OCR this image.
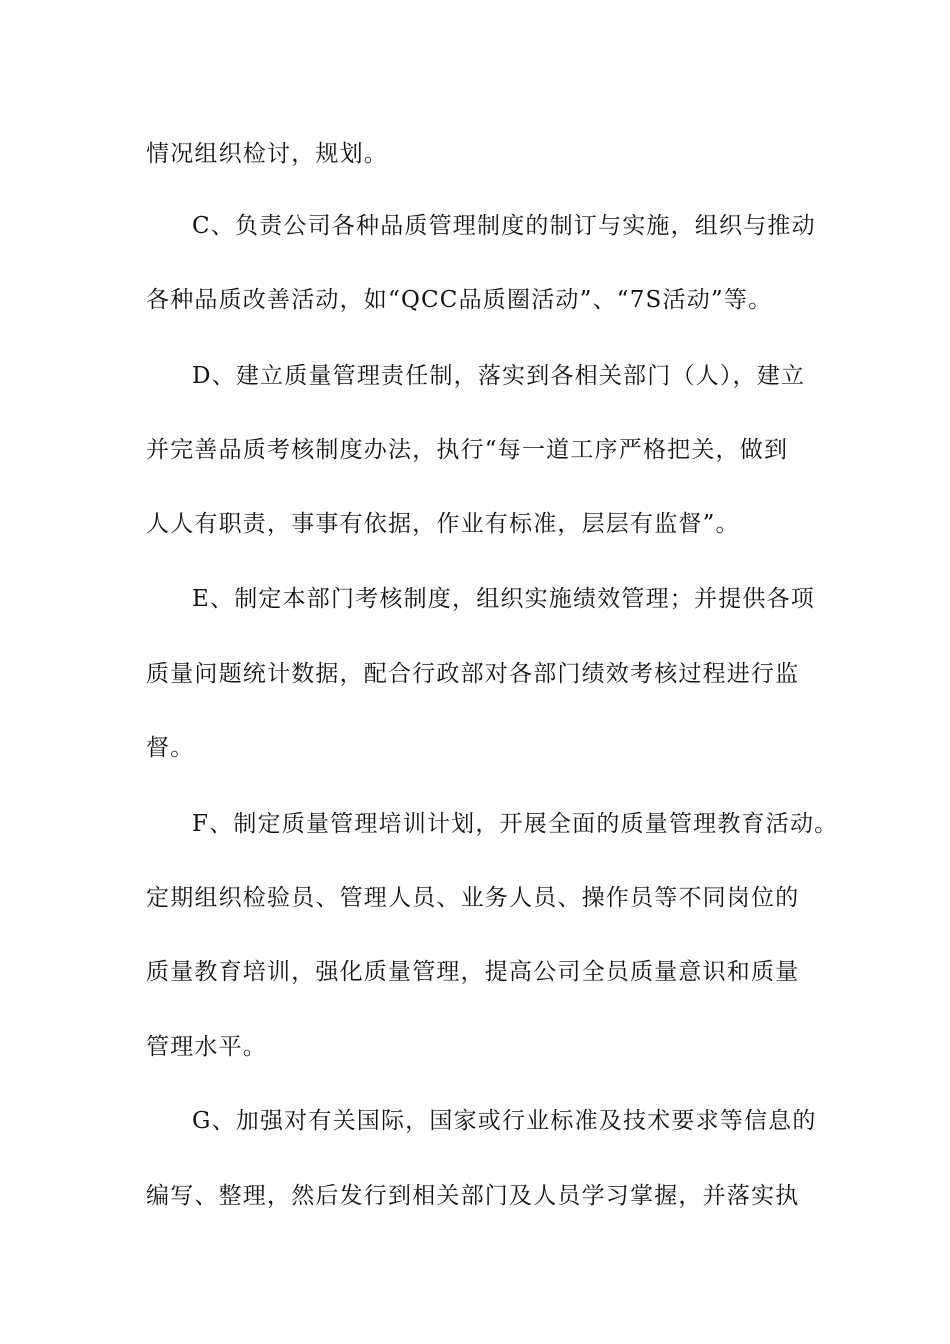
情况组织检讨，规划。
C、负责公司各种品质管理制度的制订与实施，组织与推动
各种品质改善活动，如“QCC品质圈活动”、“7S活动”等。
D、建立质量管理责任制，落实到各相关部门（人），建立
并完善品质考核制度办法，执行“每一道工序严格把关，做到
人人有职责，事事有依据，作业有标准，层层有监督”。
E、制定本部门考核制度，组织实施绩效管理；并提供各项
质量问题统计数据，配合行政部对各部门绩效考核过程进行监
督。
F、制定质量管理培训计划，开展全面的质量管理教育活动。
定期组织检验员、管理人员、业务人员、操作员等不同岗位的
质量教育培训，强化质量管理，提高公司全员质量意识和质量
管理水平。
G、加强对有关国际，国家或行业标准及技术要求等信息的
编写、整理，然后发行到相关部门及人员学习掌握，并落实执
